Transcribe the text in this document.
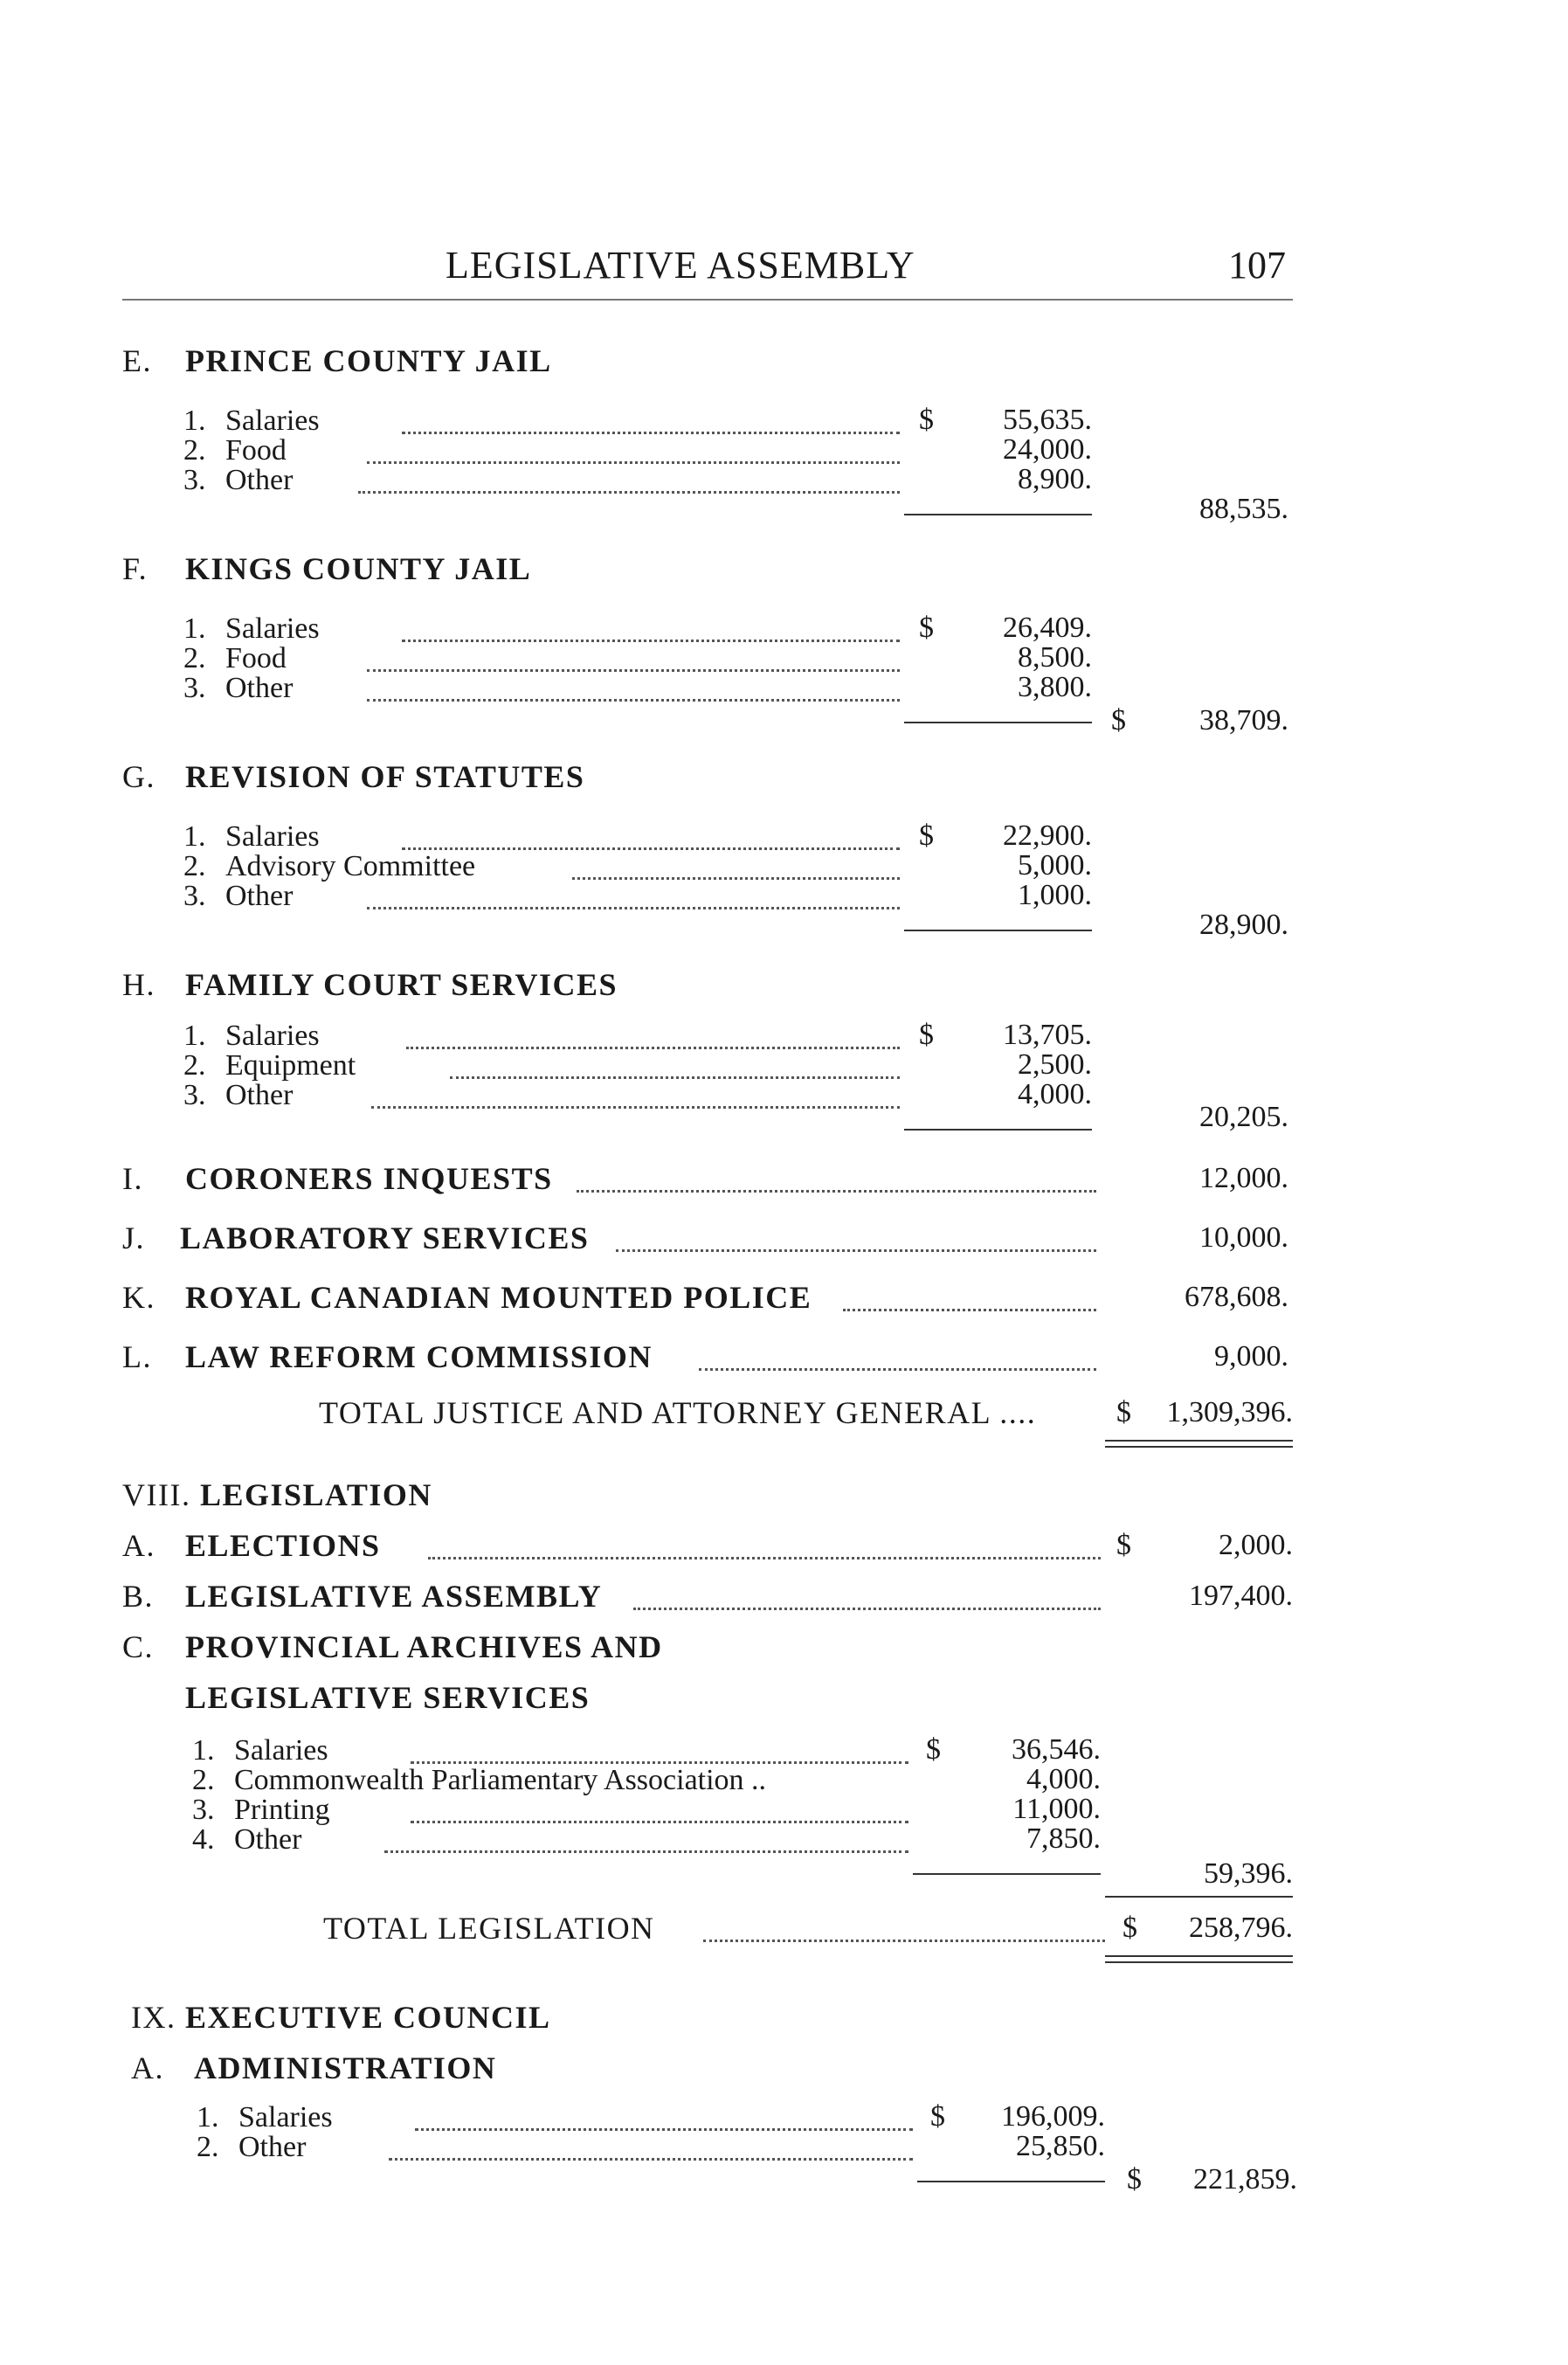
LEGISLATIVE ASSEMBLY	107
E. PRINCE COUNTY JAIL
1. Salaries	$	55,635.
2. Food	24,000.
3. Other	8,900.
88,535.
F. KINGS COUNTY JAIL
1. Salaries	$	26,409.
2. Food	8,500.
3. Other	3,800.
$	38,709.
G. REVISION OF STATUTES
1. Salaries	$	22,900.
2. Advisory Committee	5,000.
3. Other	1,000.
28,900.
H. FAMILY COURT SERVICES
1. Salaries	$	13,705.
2. Equipment	2,500.
3. Other	4,000.
20,205.
I. CORONERS INQUESTS	12,000.
J. LABORATORY SERVICES	10,000.
K. ROYAL CANADIAN MOUNTED POLICE	678,608.
L. LAW REFORM COMMISSION	9,000.
TOTAL JUSTICE AND ATTORNEY GENERAL ....	$	1,309,396.
VIII. LEGISLATION
A. ELECTIONS	$	2,000.
B. LEGISLATIVE ASSEMBLY	197,400.
C. PROVINCIAL ARCHIVES AND
LEGISLATIVE SERVICES
1. Salaries	$	36,546.
2. Commonwealth Parliamentary Association ..	4,000.
3. Printing	11,000.
4. Other	7,850.
59,396.
TOTAL LEGISLATION	$	258,796.
IX. EXECUTIVE COUNCIL
A. ADMINISTRATION
1. Salaries	$	196,009.
2. Other	25,850.
$	221,859.
